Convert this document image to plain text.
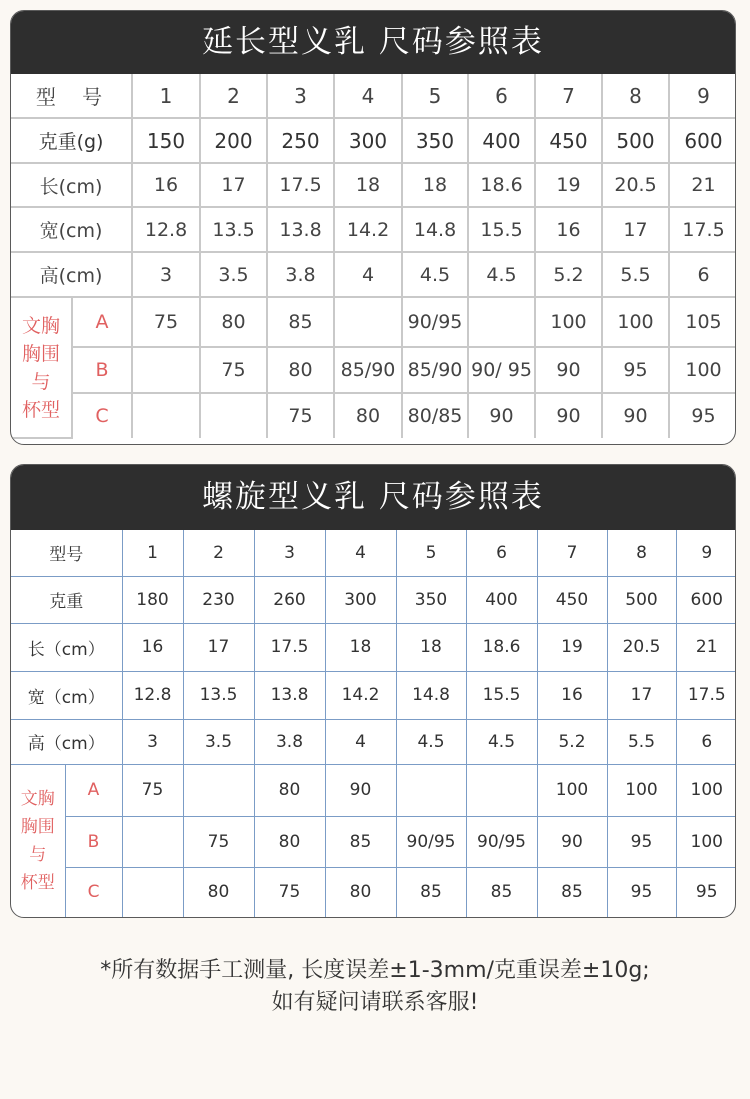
延长型义乳 尺码参照表
型 号		1	2	3	4	5	6	7	8	9
克重(g)		150	200	250	300	350	400	450	500	600
长(cm)		16	17	17.5	18	18	18.6	19	20.5	21
宽(cm)		12.8	13.5	13.8	14.2	14.8	15.5	16	17	17.5
高(cm)		3	3.5	3.8	4	4.5	4.5	5.2	5.5	6

文胸
胸围
与
杯型	A	75	80	85		90/95		100	100	105
	B		75	80	85/90	85/90	90/ 95	90	95	100
	C			75	80	80/85	90	90	90	95
螺旋型义乳 尺码参照表
型号		1	2	3	4	5	6	7	8	9
克重		180	230	260	300	350	400	450	500	600
长（cm）		16	17	17.5	18	18	18.6	19	20.5	21
宽（cm）		12.8	13.5	13.8	14.2	14.8	15.5	16	17	17.5
高（cm）		3	3.5	3.8	4	4.5	4.5	5.2	5.5	6

文胸
胸围
与
杯型	A	75		80	90			100	100	100
	B		75	80	85	90/95	90/95	90	95	100
	C		80	75	80	85	85	85	95	95
*所有数据手工测量, 长度误差±1-3mm/克重误差±10g;
如有疑问请联系客服!
